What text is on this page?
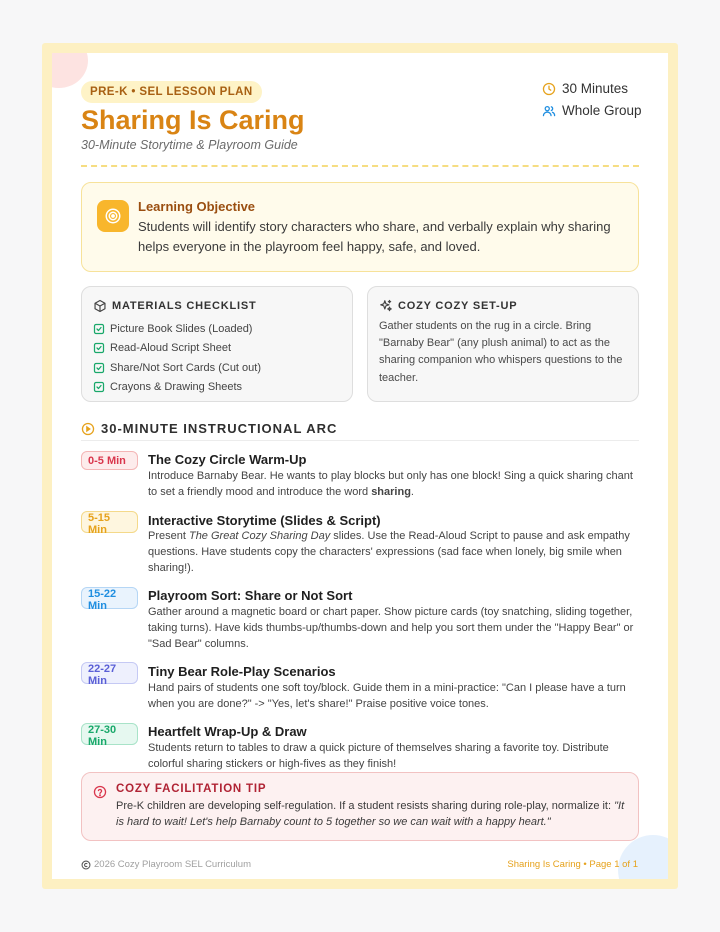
PRE-K • SEL LESSON PLAN
Sharing Is Caring
30-Minute Storytime & Playroom Guide
30 Minutes
Whole Group
Learning Objective
Students will identify story characters who share, and verbally explain why sharing helps everyone in the playroom feel happy, safe, and loved.
MATERIALS CHECKLIST
Picture Book Slides (Loaded)
Read-Aloud Script Sheet
Share/Not Sort Cards (Cut out)
Crayons & Drawing Sheets
COZY COZY SET-UP
Gather students on the rug in a circle. Bring "Barnaby Bear" (any plush animal) to act as the sharing companion who whispers questions to the teacher.
30-MINUTE INSTRUCTIONAL ARC
0-5 Min	The Cozy Circle Warm-Up
Introduce Barnaby Bear. He wants to play blocks but only has one block! Sing a quick sharing chant to set a friendly mood and introduce the word sharing.
5-15 Min
Interactive Storytime (Slides & Script)
Present The Great Cozy Sharing Day slides. Use the Read-Aloud Script to pause and ask empathy questions. Have students copy the characters' expressions (sad face when lonely, big smile when sharing!).
15-22 Min
Playroom Sort: Share or Not Sort
Gather around a magnetic board or chart paper. Show picture cards (toy snatching, sliding together, taking turns). Have kids thumbs-up/thumbs-down and help you sort them under the "Happy Bear" or "Sad Bear" columns.
22-27 Min
Tiny Bear Role-Play Scenarios
Hand pairs of students one soft toy/block. Guide them in a mini-practice: "Can I please have a turn when you are done?" -> "Yes, let's share!" Praise positive voice tones.
27-30 Min
Heartfelt Wrap-Up & Draw
Students return to tables to draw a quick picture of themselves sharing a favorite toy. Distribute colorful sharing stickers or high-fives as they finish!
COZY FACILITATION TIP
Pre-K children are developing self-regulation. If a student resists sharing during role-play, normalize it: "It is hard to wait! Let's help Barnaby count to 5 together so we can wait with a happy heart."
2026 Cozy Playroom SEL Curriculum	Sharing Is Caring • Page 1 of 1
